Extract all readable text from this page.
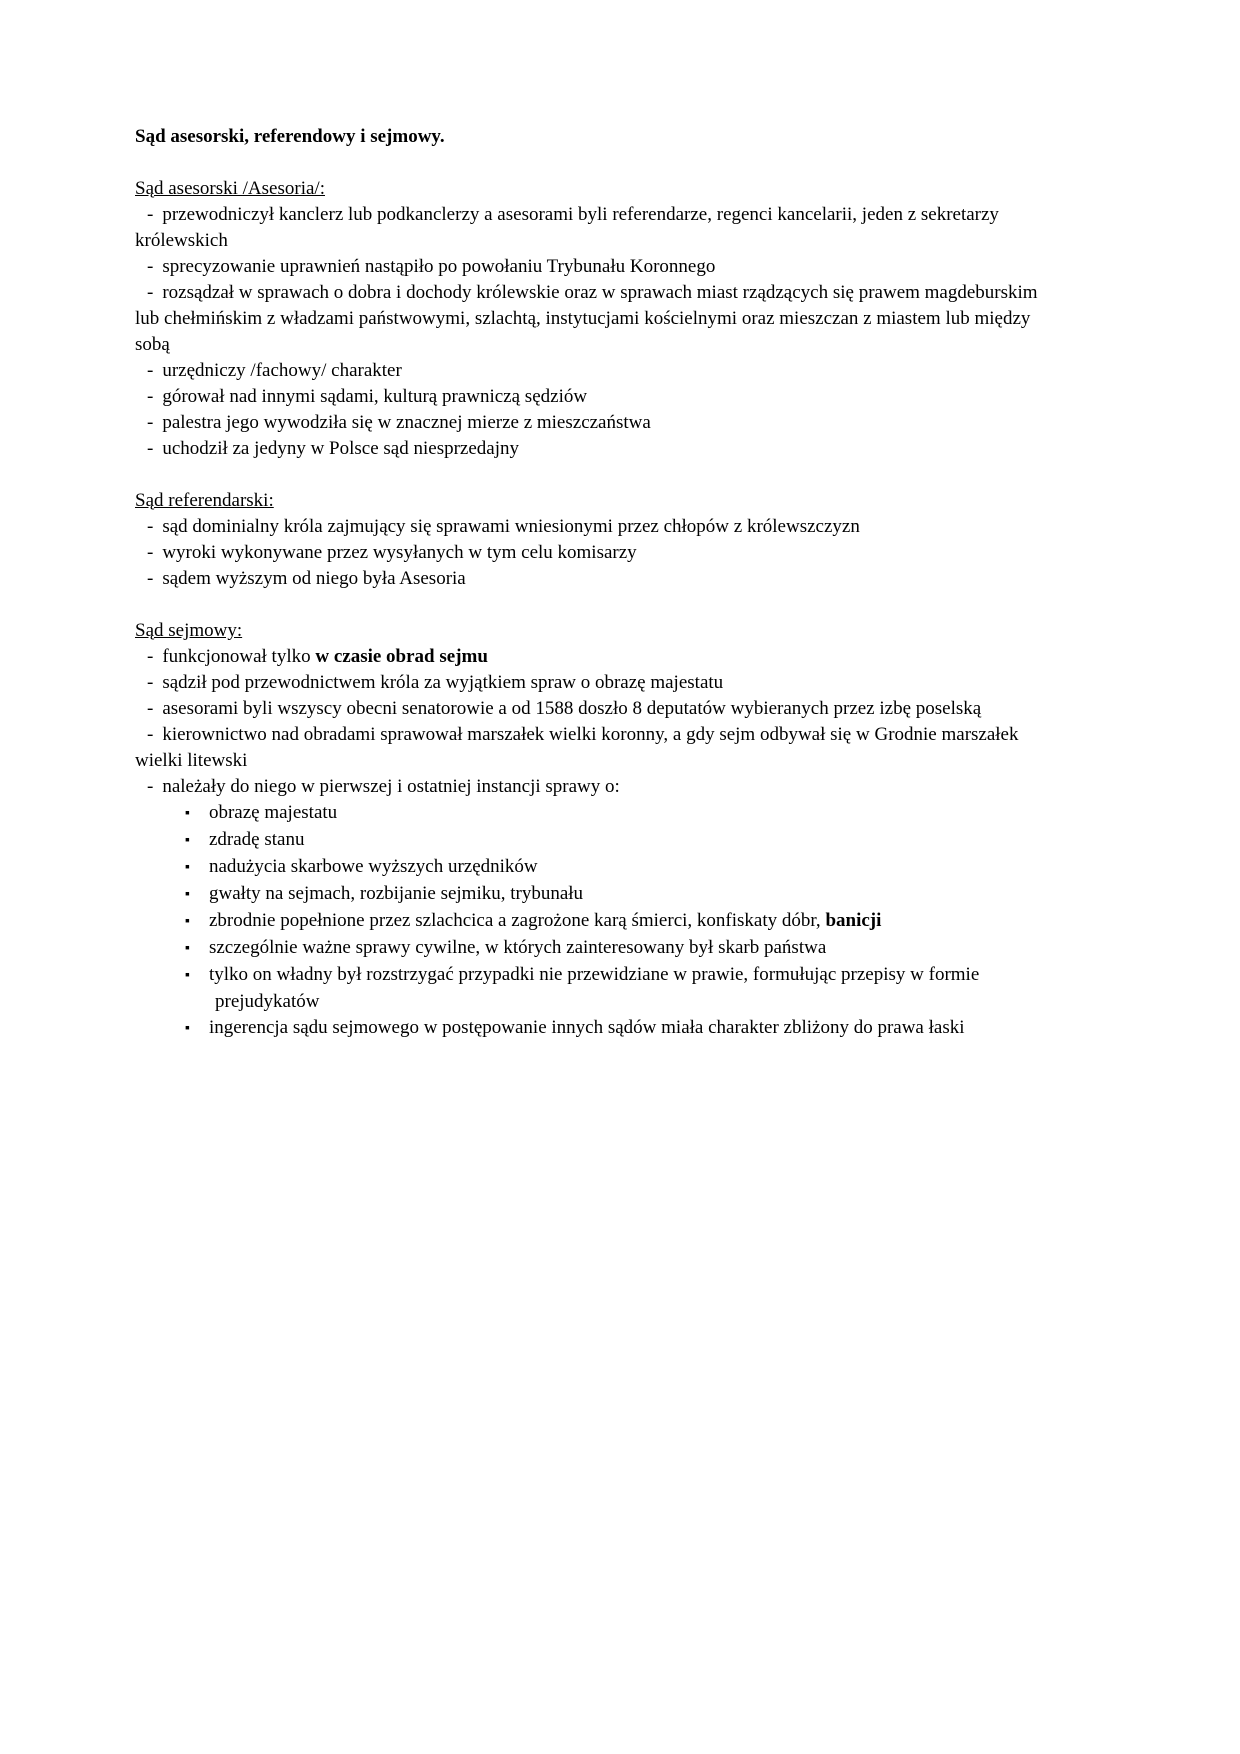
Sąd asesorski, referendowy i sejmowy.
Sąd asesorski /Asesoria/:

- przewodniczył kanclerz lub podkanclerzy a asesorami byli referendarze, regenci kancelarii, jeden z sekretarzy królewskich

- sprecyzowanie uprawnień nastąpiło po powołaniu Trybunału Koronnego

- rozsądzał w sprawach o dobra i dochody królewskie oraz w sprawach miast rządzących się prawem magdeburskim lub chełmińskim z władzami państwowymi, szlachtą, instytucjami kościelnymi oraz mieszczan z miastem lub między sobą

- urzędniczy /fachowy/ charakter

- górował nad innymi sądami, kulturą prawniczą sędziów

- palestra jego wywodziła się w znacznej mierze z mieszczaństwa

- uchodził za jedyny w Polsce sąd niesprzedajny

Sąd referendarski:

- sąd dominialny króla zajmujący się sprawami wniesionymi przez chłopów z królewszczyzn

- wyroki wykonywane przez wysyłanych w tym celu komisarzy

- sądem wyższym od niego była Asesoria

Sąd sejmowy:

- funkcjonował tylko w czasie obrad sejmu

- sądził pod przewodnictwem króla za wyjątkiem spraw o obrazę majestatu

- asesorami byli wszyscy obecni senatorowie a od 1588 doszło 8 deputatów wybieranych przez izbę poselską

- kierownictwo nad obradami sprawował marszałek wielki koronny, a gdy sejm odbywał się w Grodnie marszałek wielki litewski

- należały do niego w pierwszej i ostatniej instancji sprawy o:

▪ obrazę majestatu

▪ zdradę stanu

▪ nadużycia skarbowe wyższych urzędników

▪ gwałty na sejmach, rozbijanie sejmiku, trybunału

▪ zbrodnie popełnione przez szlachcica a zagrożone karą śmierci, konfiskaty dóbr, banicji

▪ szczególnie ważne sprawy cywilne, w których zainteresowany był skarb państwa

▪ tylko on władny był rozstrzygać przypadki nie przewidziane w prawie, formułując przepisy w formie prejudykatów

▪ ingerencja sądu sejmowego w postępowanie innych sądów miała charakter zbliżony do prawa łaski
